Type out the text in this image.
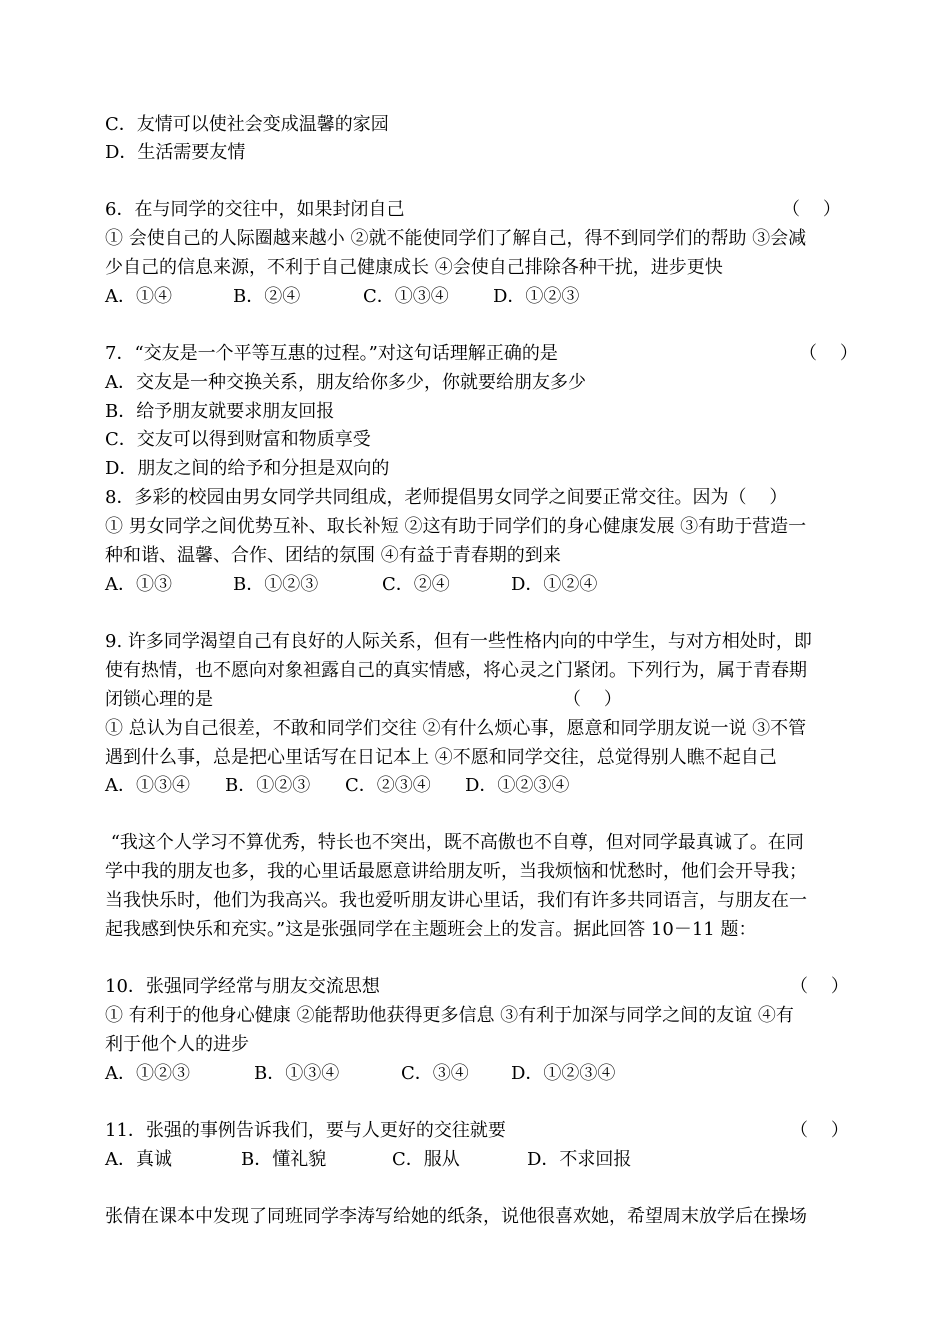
C．友情可以使社会变成温馨的家园
D．生活需要友情
6．在与同学的交往中，如果封闭自己	（    ）
① 会使自己的人际圈越来越小 ②就不能使同学们了解自己，得不到同学们的帮助 ③会减
少自己的信息来源，不利于自己健康成长 ④会使自己排除各种干扰，进步更快
A．①④	B．②④	C．①③④ D．①②③
7．“交友是一个平等互惠的过程。”对这句话理解正确的是	（    ）
A．交友是一种交换关系，朋友给你多少，你就要给朋友多少
B．给予朋友就要求朋友回报
C．交友可以得到财富和物质享受
D．朋友之间的给予和分担是双向的
8．多彩的校园由男女同学共同组成，老师提倡男女同学之间要正常交往。因为（    ）
① 男女同学之间优势互补、取长补短 ②这有助于同学们的身心健康发展 ③有助于营造一
种和谐、温馨、合作、团结的氛围 ④有益于青春期的到来
A．①③	B．①②③	C．②④	D．①②④
9. 许多同学渴望自己有良好的人际关系，但有一些性格内向的中学生，与对方相处时，即
使有热情，也不愿向对象袒露自己的真实情感，将心灵之门紧闭。下列行为，属于青春期
闭锁心理的是	（    ）
① 总认为自己很差，不敢和同学们交往 ②有什么烦心事，愿意和同学朋友说一说 ③不管
遇到什么事，总是把心里话写在日记本上 ④不愿和同学交往，总觉得别人瞧不起自己
A．①③④ B．①②③ C．②③④ D．①②③④
“我这个人学习不算优秀，特长也不突出，既不高傲也不自尊，但对同学最真诚了。在同
学中我的朋友也多，我的心里话最愿意讲给朋友听，当我烦恼和忧愁时，他们会开导我；
当我快乐时，他们为我高兴。我也爱听朋友讲心里话，我们有许多共同语言，与朋友在一
起我感到快乐和充实。”这是张强同学在主题班会上的发言。据此回答 10－11 题：
10．张强同学经常与朋友交流思想	（    ）
① 有利于的他身心健康 ②能帮助他获得更多信息 ③有利于加深与同学之间的友谊 ④有
利于他个人的进步
A．①②③	B．①③④	C．③④ D．①②③④
11．张强的事例告诉我们，要与人更好的交往就要	（    ）
A．真诚	B．懂礼貌	C．服从	D．不求回报
张倩在课本中发现了同班同学李涛写给她的纸条，说他很喜欢她，希望周末放学后在操场
